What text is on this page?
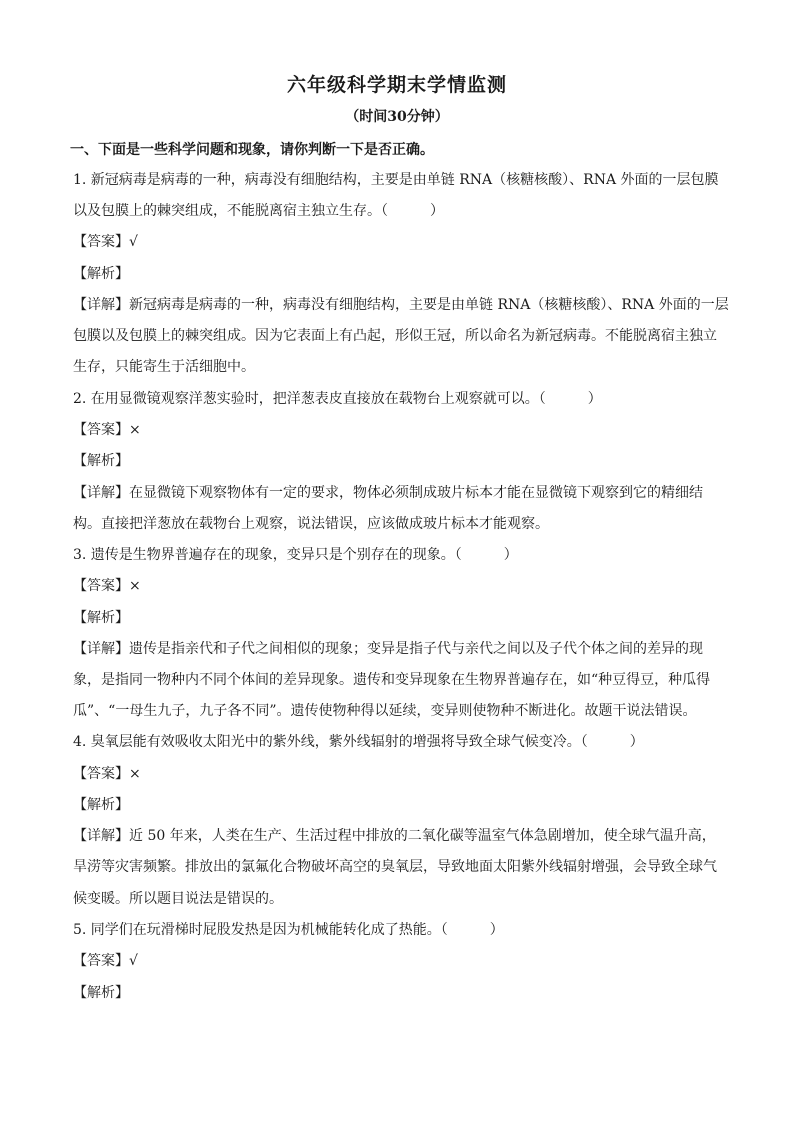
六年级科学期末学情监测
（时间30分钟）
一、下面是一些科学问题和现象，请你判断一下是否正确。
1. 新冠病毒是病毒的一种，病毒没有细胞结构，主要是由单链 RNA（核糖核酸）、RNA 外面的一层包膜
以及包膜上的棘突组成，不能脱离宿主独立生存。（　　　）
【答案】√
【解析】
【详解】新冠病毒是病毒的一种，病毒没有细胞结构，主要是由单链 RNA（核糖核酸）、RNA 外面的一层
包膜以及包膜上的棘突组成。因为它表面上有凸起，形似王冠，所以命名为新冠病毒。不能脱离宿主独立
生存，只能寄生于活细胞中。
2. 在用显微镜观察洋葱实验时，把洋葱表皮直接放在载物台上观察就可以。（　　　）
【答案】×
【解析】
【详解】在显微镜下观察物体有一定的要求，物体必须制成玻片标本才能在显微镜下观察到它的精细结
构。直接把洋葱放在载物台上观察，说法错误，应该做成玻片标本才能观察。
3. 遗传是生物界普遍存在的现象，变异只是个别存在的现象。（　　　）
【答案】×
【解析】
【详解】遗传是指亲代和子代之间相似的现象；变异是指子代与亲代之间以及子代个体之间的差异的现
象，是指同一物种内不同个体间的差异现象。遗传和变异现象在生物界普遍存在，如“种豆得豆，种瓜得
瓜”、“一母生九子，九子各不同”。遗传使物种得以延续，变异则使物种不断进化。故题干说法错误。
4. 臭氧层能有效吸收太阳光中的紫外线，紫外线辐射的增强将导致全球气候变冷。（　　　）
【答案】×
【解析】
【详解】近 50 年来，人类在生产、生活过程中排放的二氧化碳等温室气体急剧增加，使全球气温升高，
旱涝等灾害频繁。排放出的氯氟化合物破坏高空的臭氧层，导致地面太阳紫外线辐射增强，会导致全球气
候变暖。所以题目说法是错误的。
5. 同学们在玩滑梯时屁股发热是因为机械能转化成了热能。（　　　）
【答案】√
【解析】
